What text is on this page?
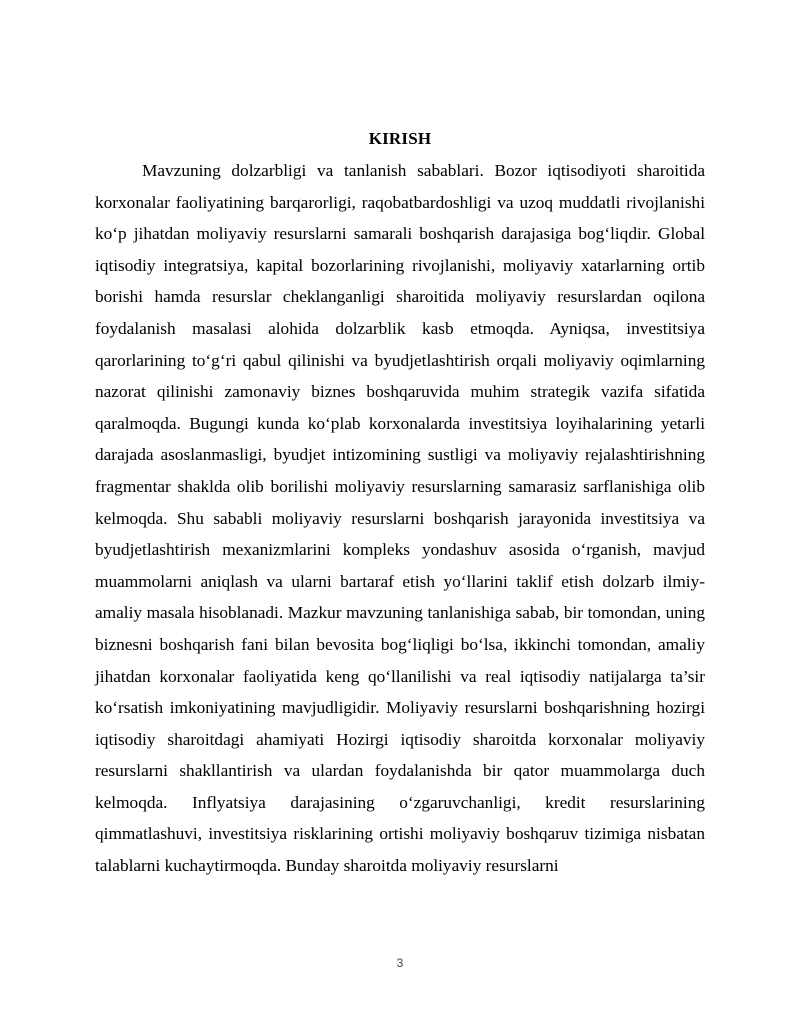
KIRISH

Mavzuning dolzarbligi va tanlanish sabablari. Bozor iqtisodiyoti sharoitida korxonalar faoliyatining barqarorligi, raqobatbardoshligi va uzoq muddatli rivojlanishi ko‘p jihatdan moliyaviy resurslarni samarali boshqarish darajasiga bog‘liqdir. Global iqtisodiy integratsiya, kapital bozorlarining rivojlanishi, moliyaviy xatarlarning ortib borishi hamda resurslar cheklanganligi sharoitida moliyaviy resurslardan oqilona foydalanish masalasi alohida dolzarblik kasb etmoqda. Ayniqsa, investitsiya qarorlarining to‘g‘ri qabul qilinishi va byudjetlashtirish orqali moliyaviy oqimlarning nazorat qilinishi zamonaviy biznes boshqaruvida muhim strategik vazifa sifatida qaralmoqda. Bugungi kunda ko‘plab korxonalarda investitsiya loyihalarining yetarli darajada asoslanmasligi, byudjet intizomining sustligi va moliyaviy rejalashtirishning fragmentar shaklda olib borilishi moliyaviy resurslarning samarasiz sarflanishiga olib kelmoqda. Shu sababli moliyaviy resurslarni boshqarish jarayonida investitsiya va byudjetlashtirish mexanizmlarini kompleks yondashuv asosida o‘rganish, mavjud muammolarni aniqlash va ularni bartaraf etish yo‘llarini taklif etish dolzarb ilmiy-amaliy masala hisoblanadi. Mazkur mavzuning tanlanishiga sabab, bir tomondan, uning biznesni boshqarish fani bilan bevosita bog‘liqligi bo‘lsa, ikkinchi tomondan, amaliy jihatdan korxonalar faoliyatida keng qo‘llanilishi va real iqtisodiy natijalarga ta’sir ko‘rsatish imkoniyatining mavjudligidir. Moliyaviy resurslarni boshqarishning hozirgi iqtisodiy sharoitdagi ahamiyati Hozirgi iqtisodiy sharoitda korxonalar moliyaviy resurslarni shakllantirish va ulardan foydalanishda bir qator muammolarga duch kelmoqda. Inflyatsiya darajasining o‘zgaruvchanligi, kredit resurslarining qimmatlashuvi, investitsiya risklarining ortishi moliyaviy boshqaruv tizimiga nisbatan talablarni kuchaytirmoqda. Bunday sharoitda moliyaviy resurslarni

3
